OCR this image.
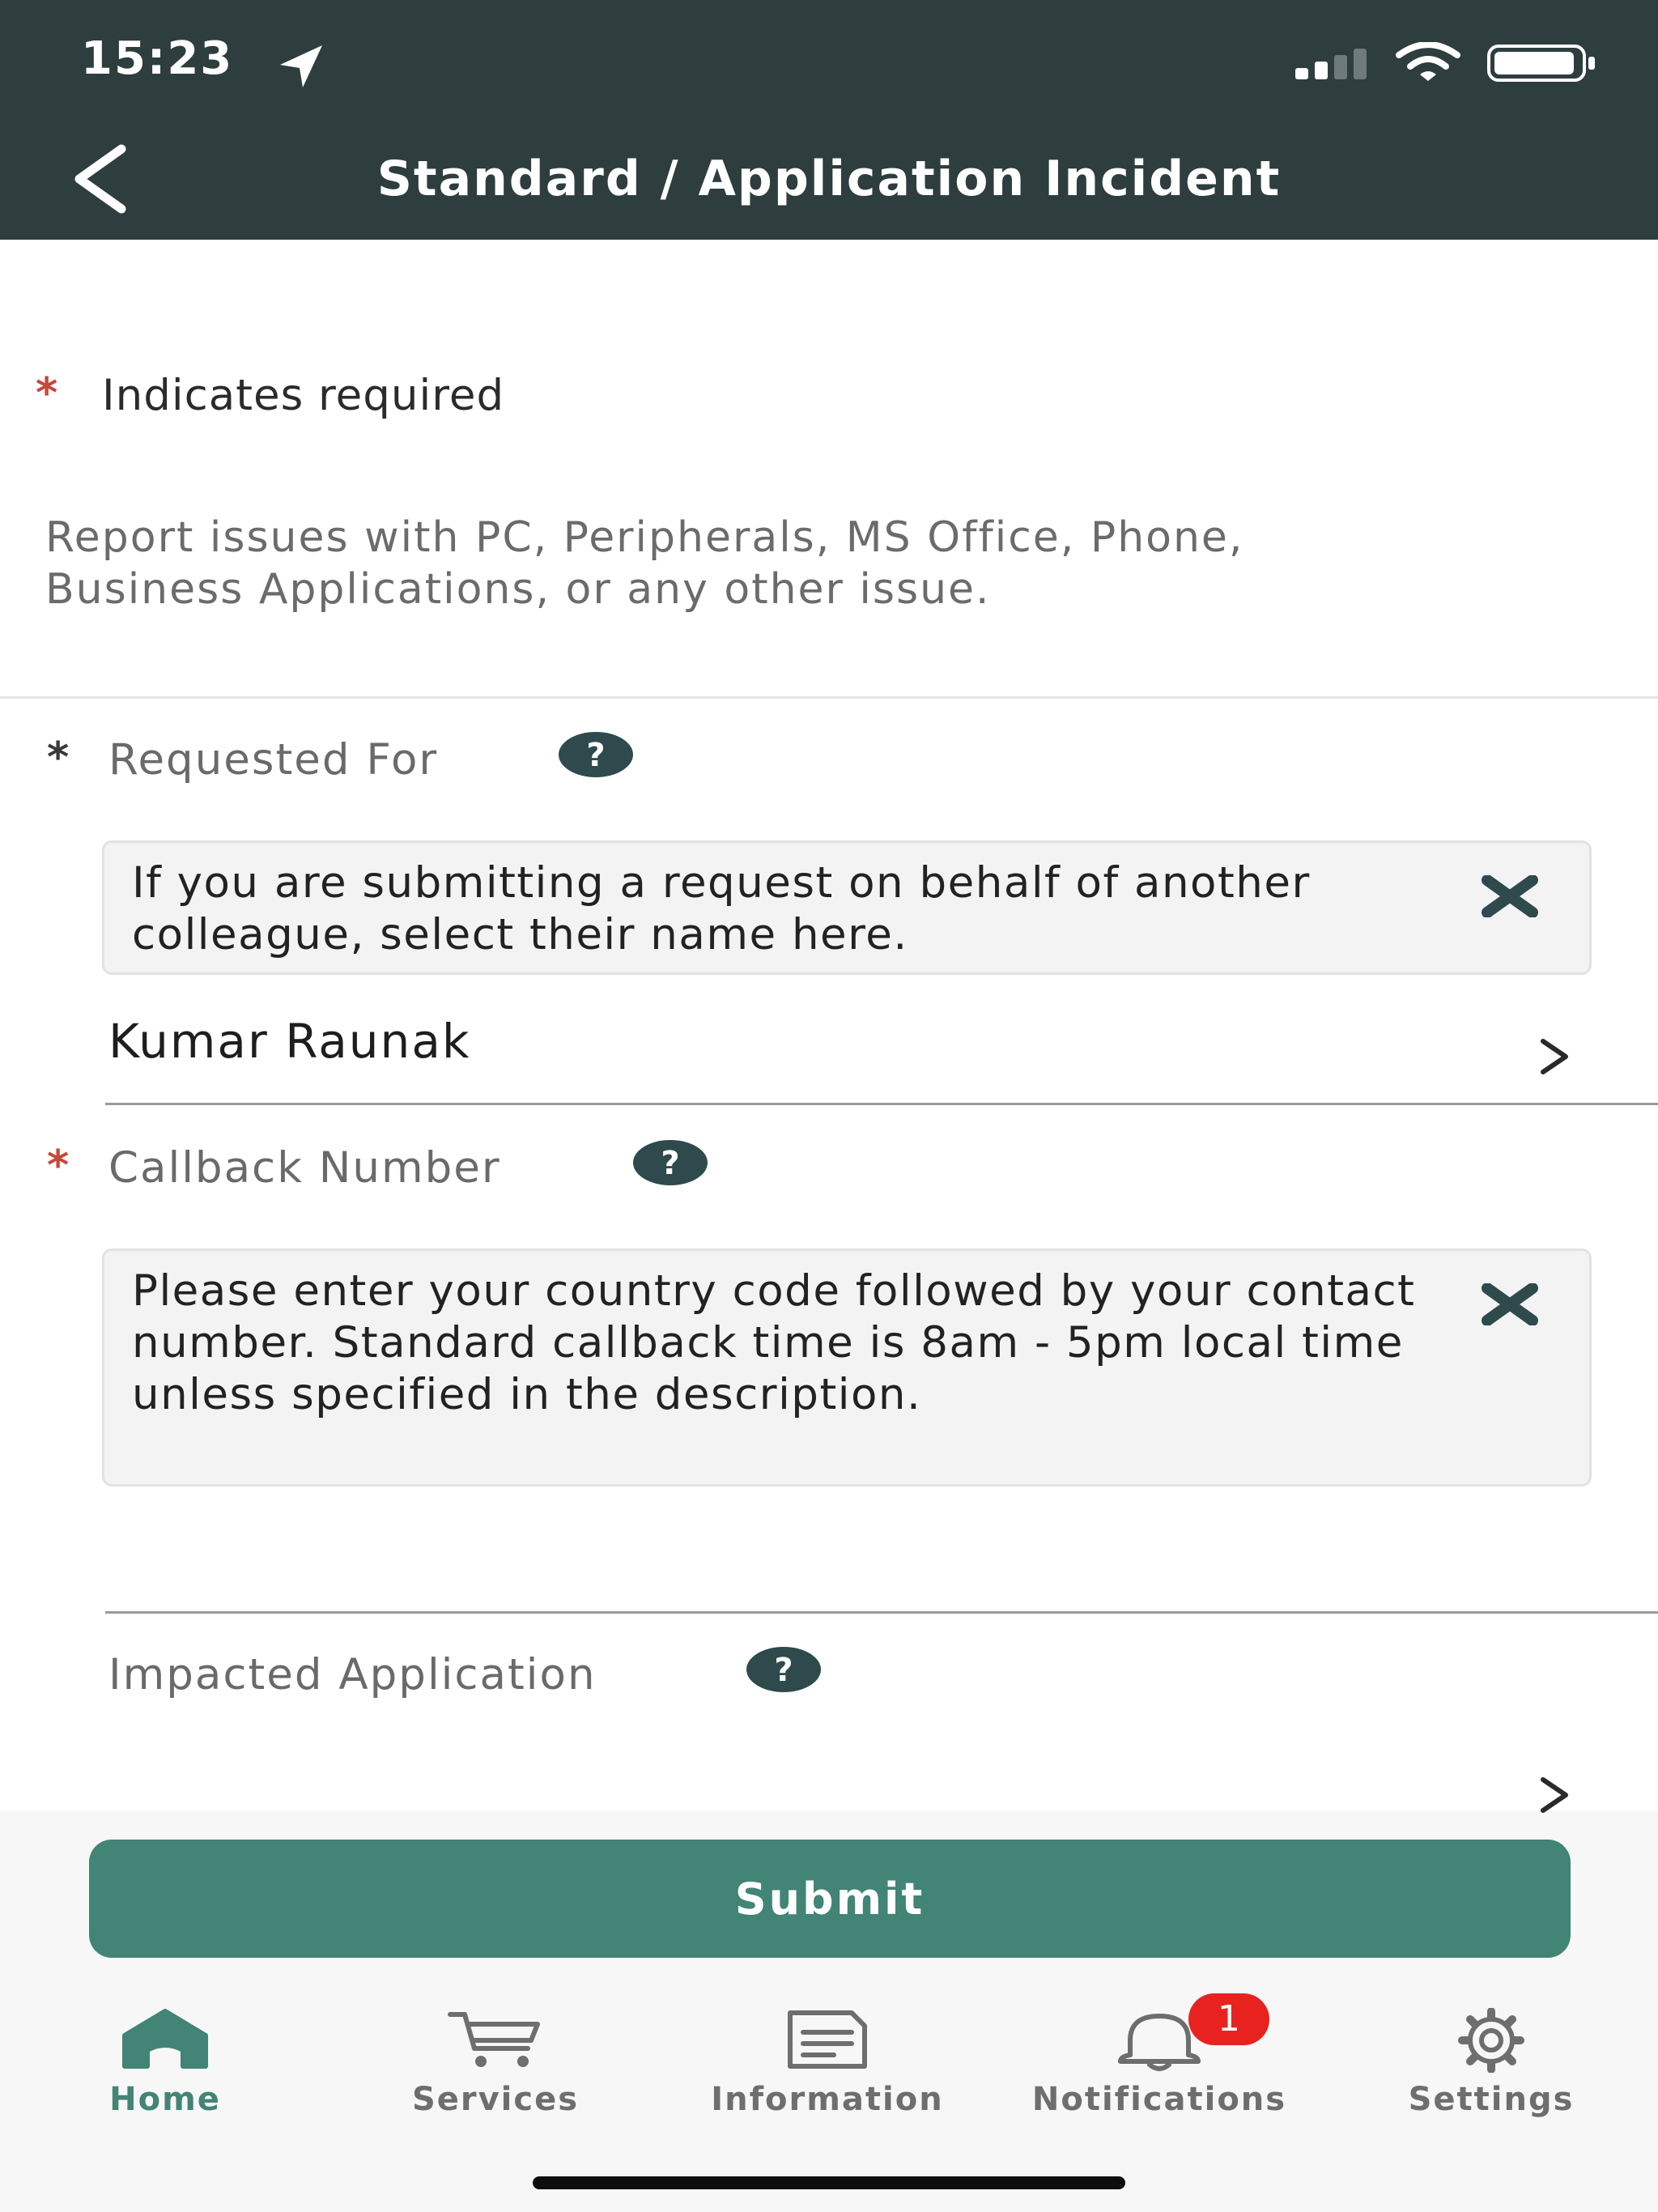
15:23
Standard / Application Incident
* Indicates required
Report issues with PC, Peripherals, MS Office, Phone, Business Applications, or any other issue.
* Requested For	?
If you are submitting a request on behalf of another colleague, select their name here.
Kumar Raunak
* Callback Number	?
Please enter your country code followed by your contact number. Standard callback time is 8am - 5pm local time unless specified in the description.
Impacted Application	?
Submit
Home	Services	Information	Notifications	Settings
1
